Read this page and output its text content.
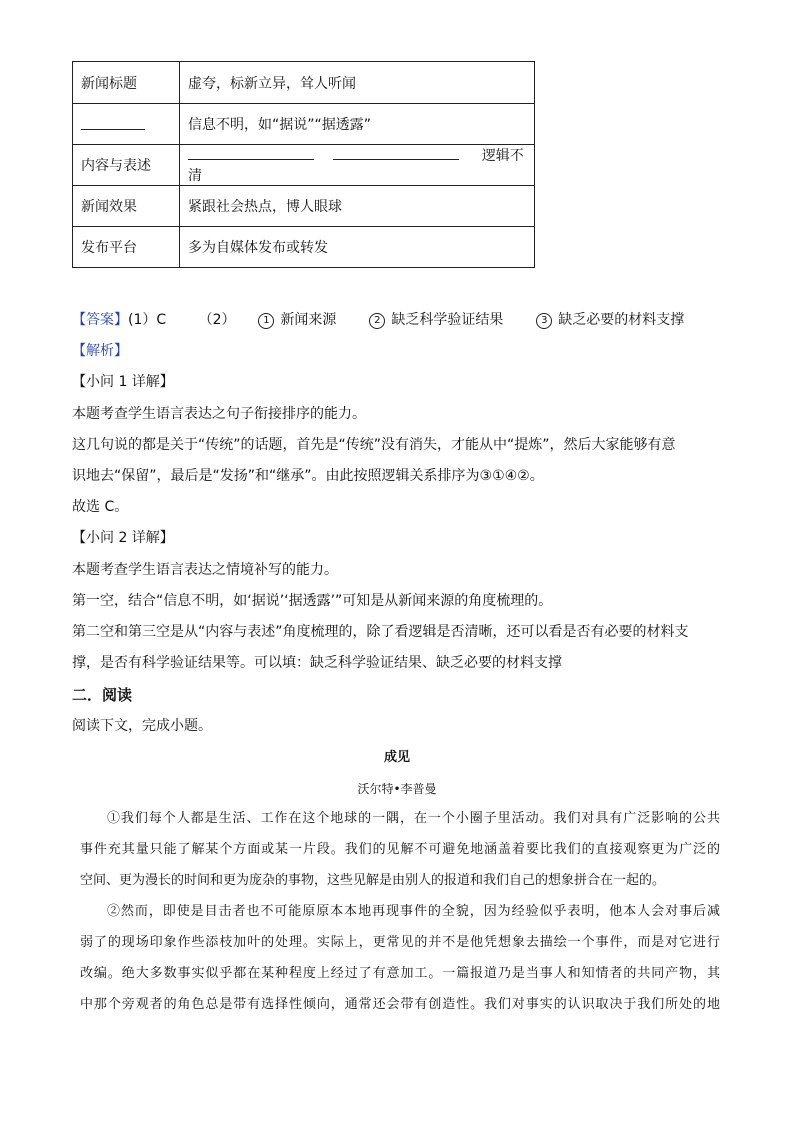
新闻标题	虚夸，标新立异，耸人听闻
	信息不明，如“据说”“据透露”
内容与表述	逻辑不清
新闻效果	紧跟社会热点，博人眼球
发布平台	多为自媒体发布或转发
【答案】(1）C （2）	1 新闻来源	2 缺乏科学验证结果	3 缺乏必要的材料支撑
【解析】
【小问 1 详解】
本题考查学生语言表达之句子衔接排序的能力。
这几句说的都是关于“传统”的话题，首先是“传统”没有消失，才能从中“提炼”，然后大家能够有意
识地去“保留”，最后是“发扬”和“继承”。由此按照逻辑关系排序为③①④②。
故选 C。
【小问 2 详解】
本题考查学生语言表达之情境补写的能力。
第一空，结合“信息不明，如‘据说’‘据透露’”可知是从新闻来源的角度梳理的。
第二空和第三空是从“内容与表述”角度梳理的，除了看逻辑是否清晰，还可以看是否有必要的材料支
撑，是否有科学验证结果等。可以填：缺乏科学验证结果、缺乏必要的材料支撑
二．阅读
阅读下文，完成小题。
成见
沃尔特•李普曼
①我们每个人都是生活、工作在这个地球的一隅，在一个小圈子里活动。我们对具有广泛影响的公共
事件充其量只能了解某个方面或某一片段。我们的见解不可避免地涵盖着要比我们的直接观察更为广泛的
空间、更为漫长的时间和更为庞杂的事物，这些见解是由别人的报道和我们自己的想象拼合在一起的。
②然而，即使是目击者也不可能原原本本地再现事件的全貌，因为经验似乎表明，他本人会对事后减
弱了的现场印象作些添枝加叶的处理。实际上，更常见的并不是他凭想象去描绘一个事件，而是对它进行
改编。绝大多数事实似乎都在某种程度上经过了有意加工。一篇报道乃是当事人和知情者的共同产物，其
中那个旁观者的角色总是带有选择性倾向，通常还会带有创造性。我们对事实的认识取决于我们所处的地
